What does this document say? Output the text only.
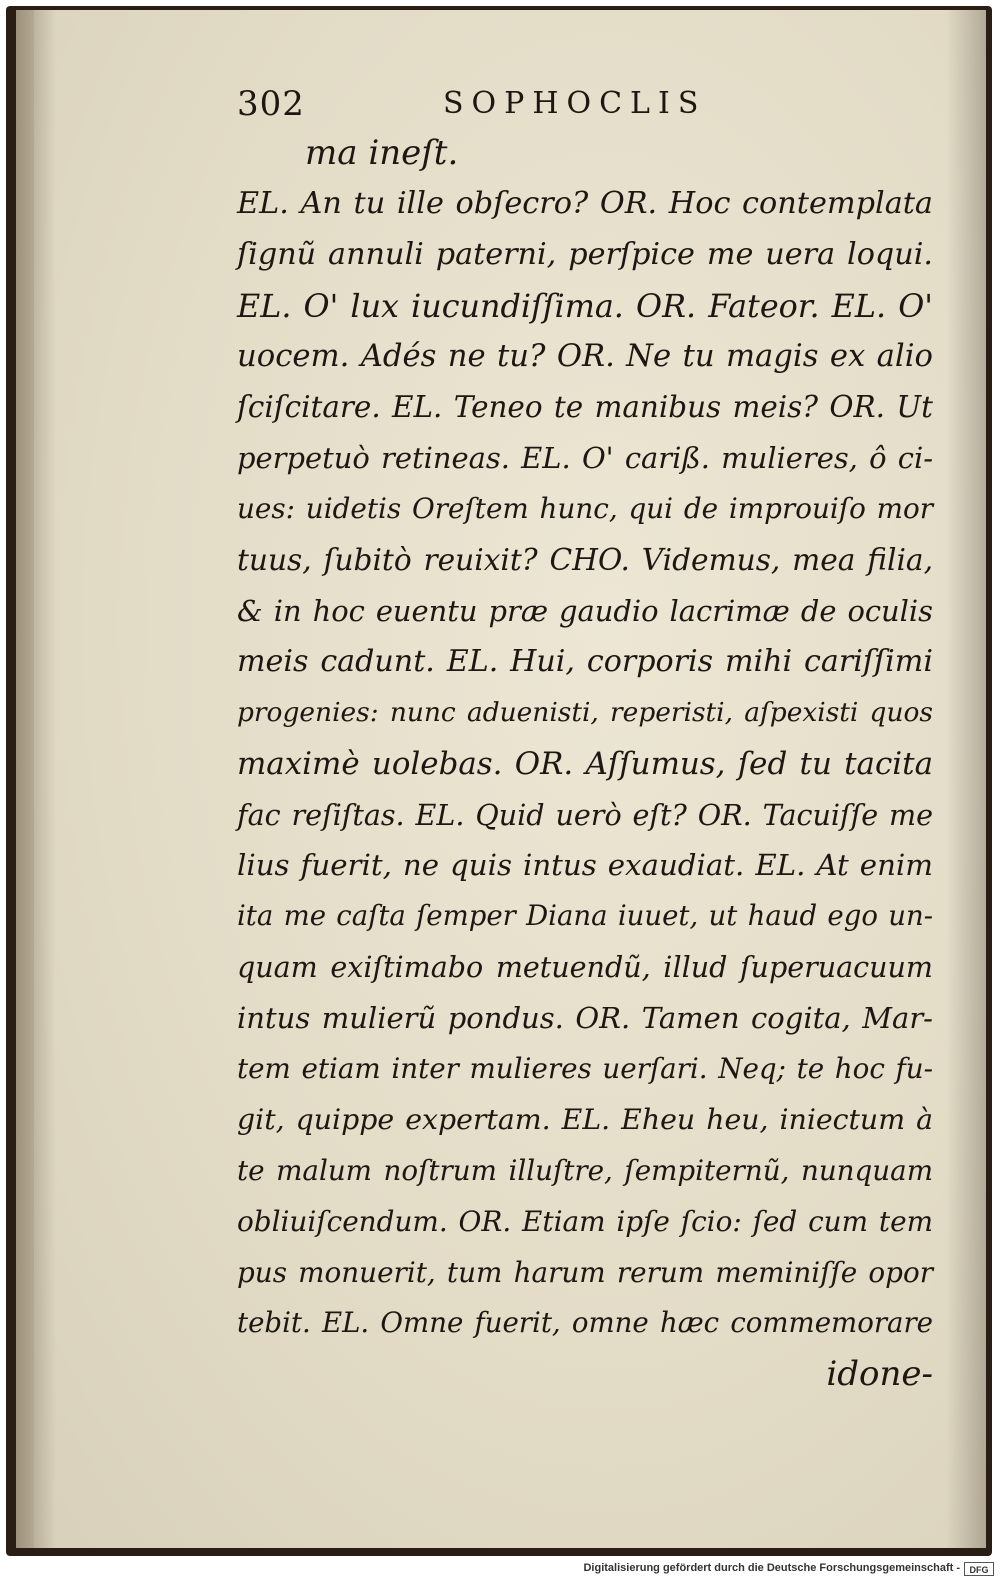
302	SOPHOCLIS
ma ineſt.
EL. An tu ille obſecro? OR. Hoc contemplata
ſignũ annuli paterni, perſpice me uera loqui.
EL. O' lux iucundiſſima. OR. Fateor. EL. O'
uocem. Adés ne tu? OR. Ne tu magis ex alio
ſciſcitare. EL. Teneo te manibus meis? OR. Ut
perpetuò retineas. EL. O' cariß. mulieres, ô ci-
ues: uidetis Oreſtem hunc, qui de improuiſo mor
tuus, ſubitò reuixit? CHO. Videmus, mea filia,
& in hoc euentu præ gaudio lacrimæ de oculis
meis cadunt. EL. Hui, corporis mihi cariſſimi
progenies: nunc aduenisti, reperisti, aſpexisti quos
maximè uolebas. OR. Aſſumus, ſed tu tacita
fac reſiſtas. EL. Quid uerò eſt? OR. Tacuiſſe me
lius fuerit, ne quis intus exaudiat. EL. At enim
ita me caſta ſemper Diana iuuet, ut haud ego un-
quam exiſtimabo metuendũ, illud ſuperuacuum
intus mulierũ pondus. OR. Tamen cogita, Mar-
tem etiam inter mulieres uerſari. Neq; te hoc fu-
git, quippe expertam. EL. Eheu heu, iniectum à
te malum noſtrum illuſtre, ſempiternũ, nunquam
obliuiſcendum. OR. Etiam ipſe ſcio: ſed cum tem
pus monuerit, tum harum rerum meminiſſe opor
tebit. EL. Omne fuerit, omne hæc commemorare
idone-
Digitalisierung gefördert durch die Deutsche Forschungsgemeinschaft -	DFG
